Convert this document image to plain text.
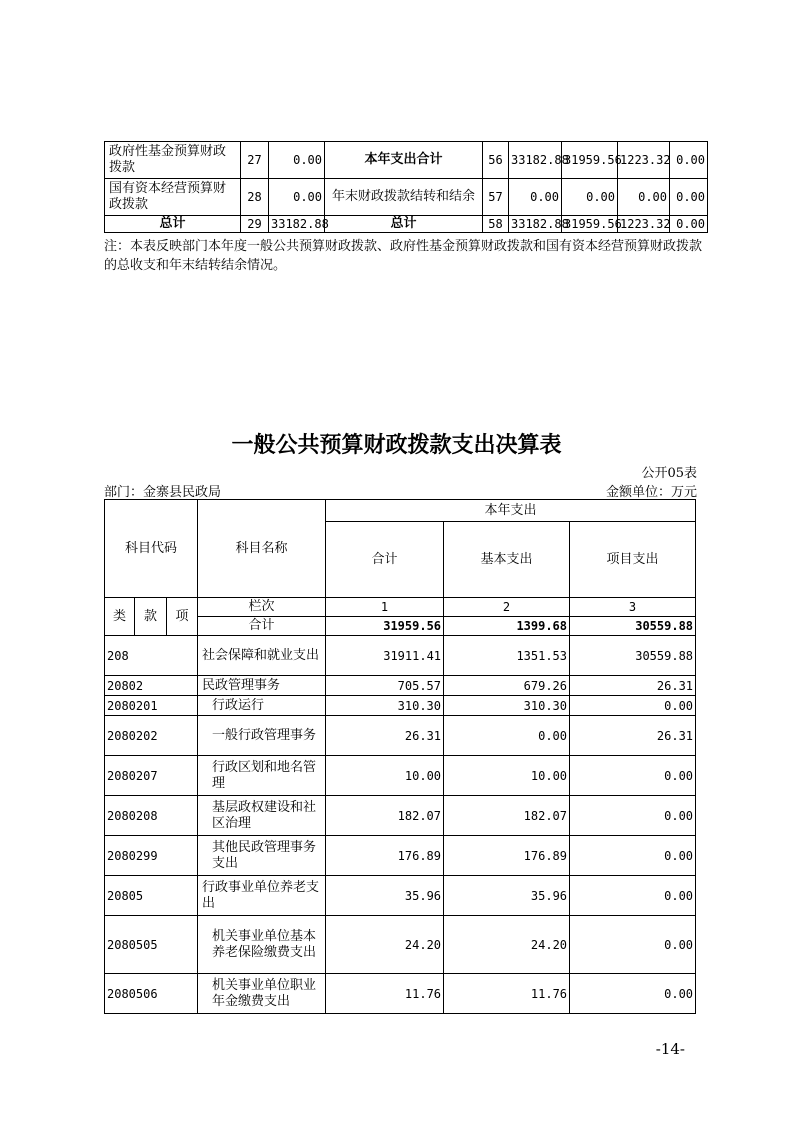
政府性基金预算财政拨款	27	0.00	本年支出合计	56	33182.88	31959.56	1223.32	0.00
国有资本经营预算财政拨款	28	0.00	年末财政拨款结转和结余	57	0.00	0.00	0.00	0.00
总计	29	33182.88	总计	58	33182.88	31959.56	1223.32	0.00
注：本表反映部门本年度一般公共预算财政拨款、政府性基金预算财政拨款和国有资本经营预算财政拨款的总收支和年末结转结余情况。
一般公共预算财政拨款支出决算表
公开05表
部门：金寨县民政局	金额单位：万元
科目代码			科目名称	本年支出		
				合计	基本支出	项目支出
类	款	项	栏次	1	2	3
			合计	31959.56	1399.68	30559.88
208			社会保障和就业支出	31911.41	1351.53	30559.88
20802			民政管理事务	705.57	679.26	26.31
2080201			行政运行	310.30	310.30	0.00
2080202			一般行政管理事务	26.31	0.00	26.31
2080207			行政区划和地名管理	10.00	10.00	0.00
2080208			基层政权建设和社区治理	182.07	182.07	0.00
2080299			其他民政管理事务支出	176.89	176.89	0.00
20805			行政事业单位养老支出	35.96	35.96	0.00
2080505			机关事业单位基本养老保险缴费支出	24.20	24.20	0.00
2080506			机关事业单位职业年金缴费支出	11.76	11.76	0.00
-14-
